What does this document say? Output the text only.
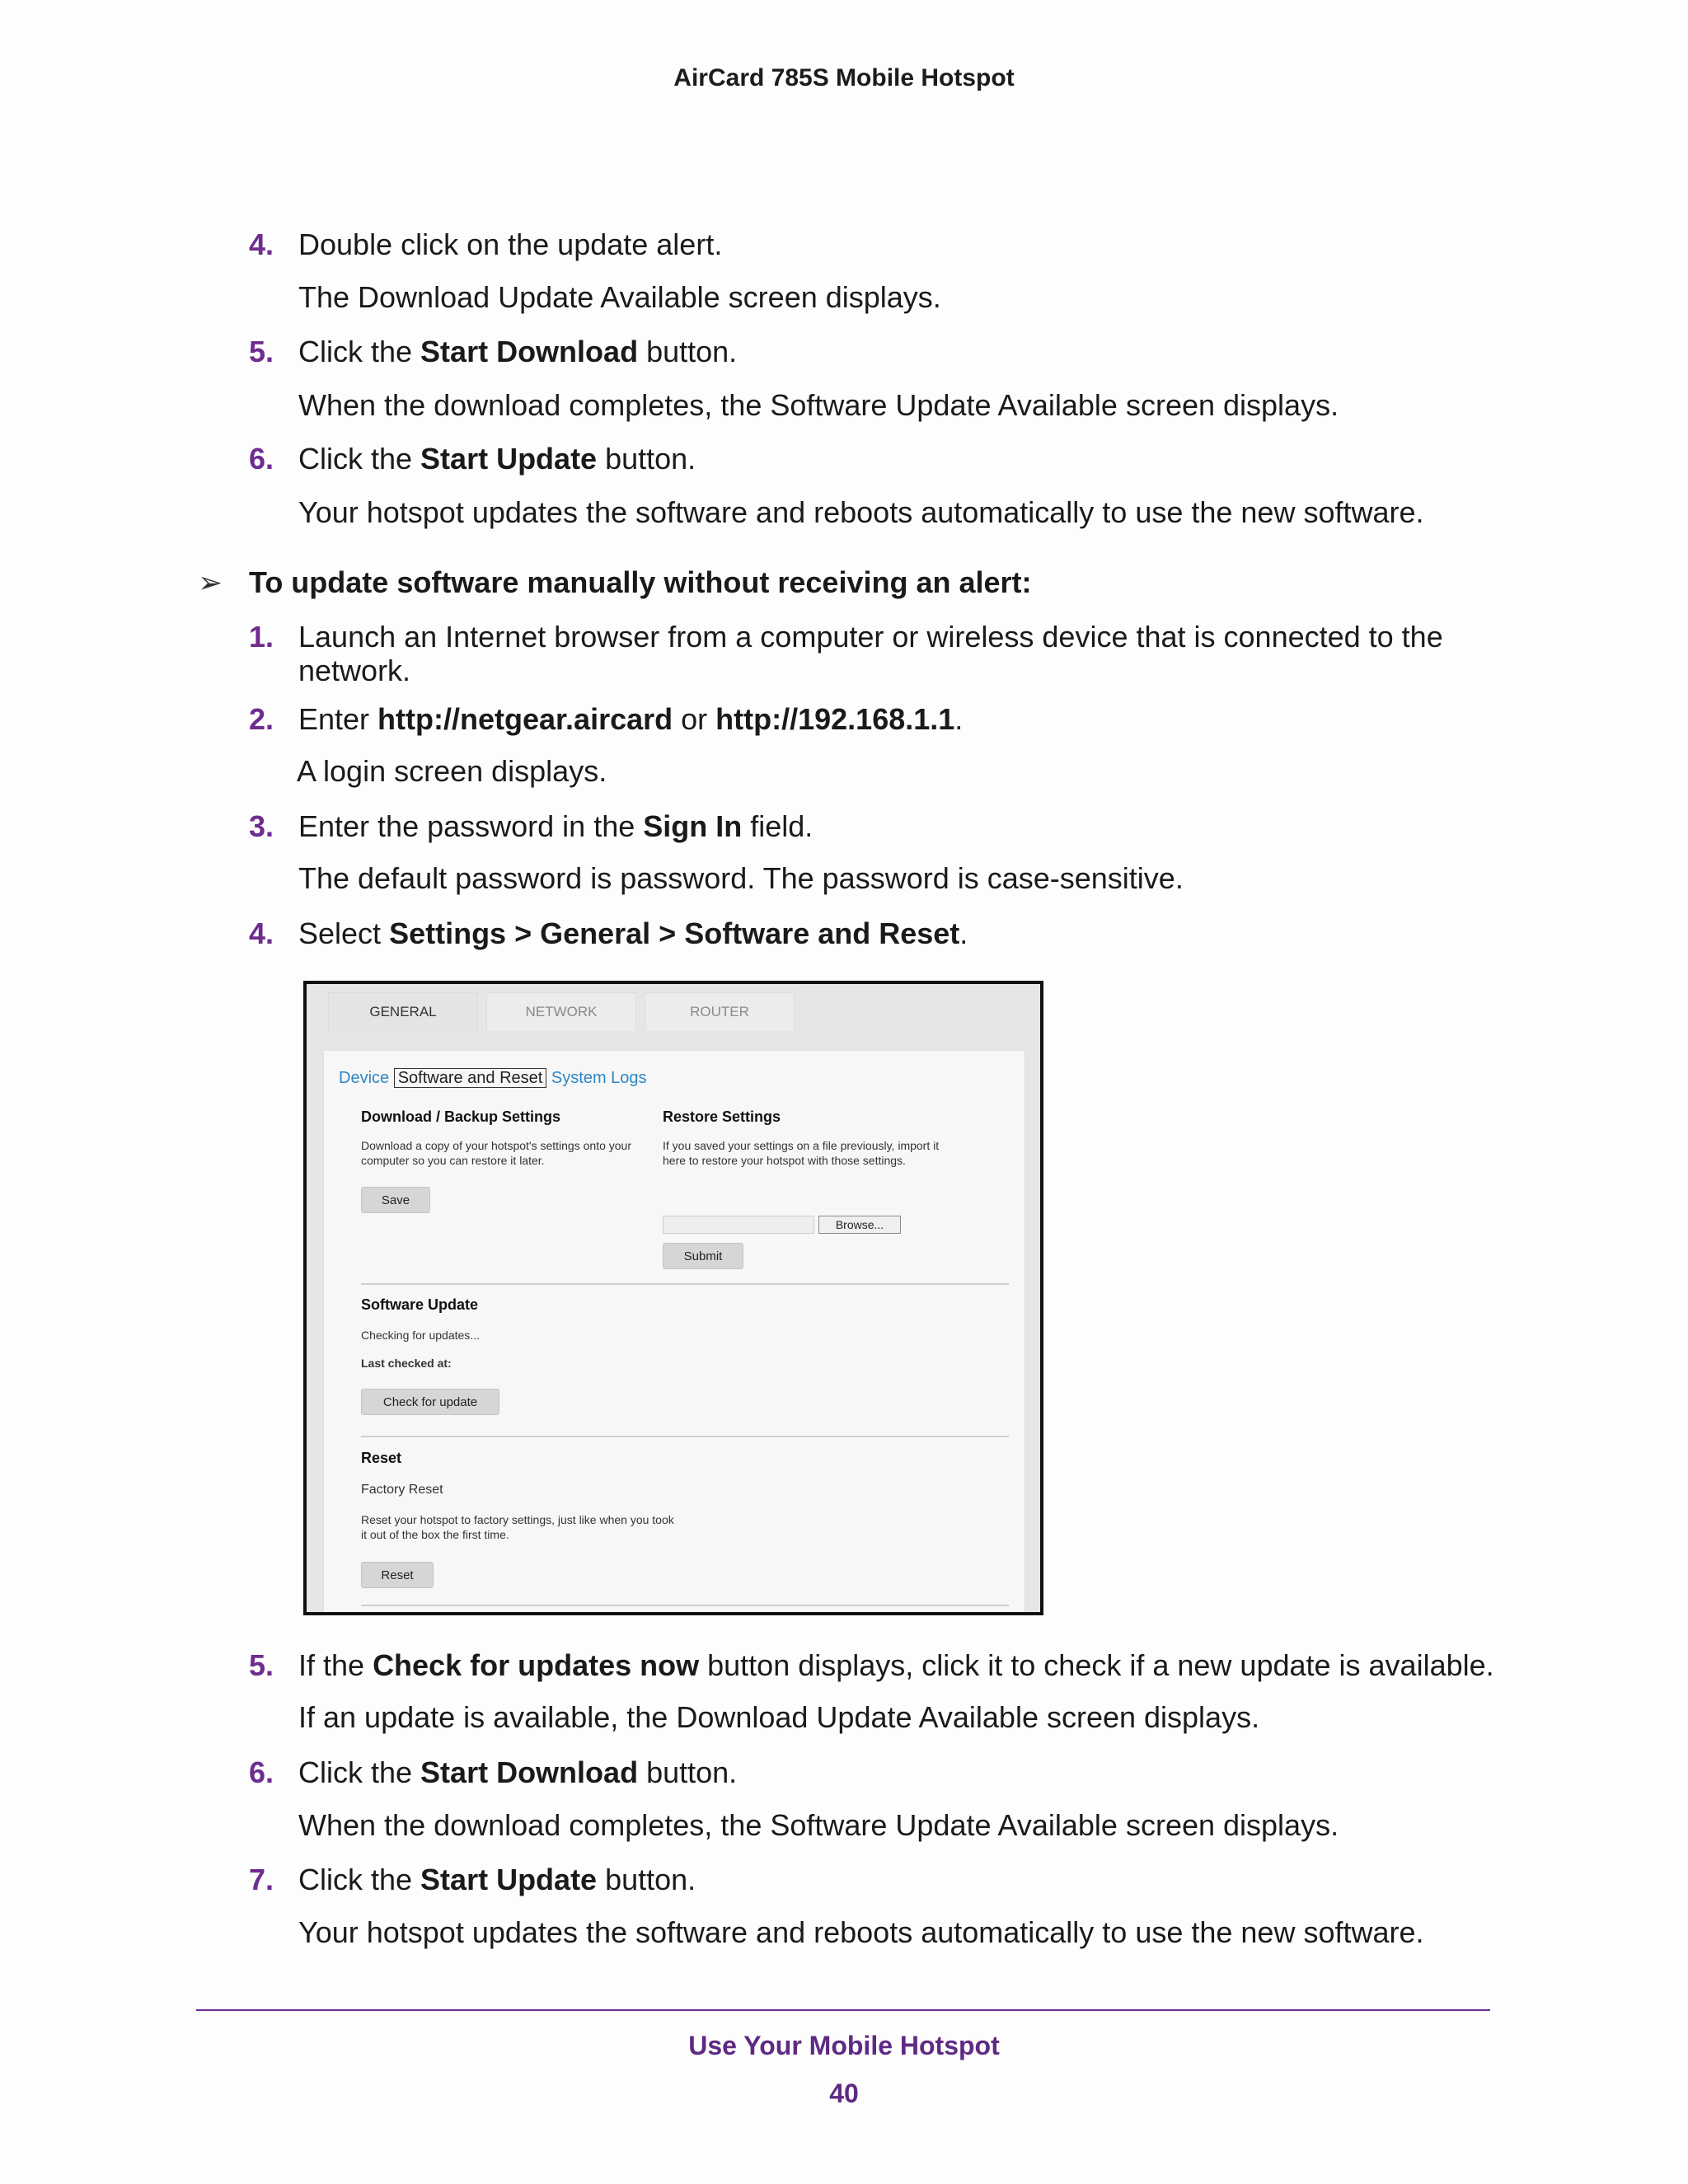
AirCard 785S Mobile Hotspot
4. Double click on the update alert.
The Download Update Available screen displays.
5. Click the Start Download button.
When the download completes, the Software Update Available screen displays.
6. Click the Start Update button.
Your hotspot updates the software and reboots automatically to use the new software.
➢ To update software manually without receiving an alert:
1. Launch an Internet browser from a computer or wireless device that is connected to the network.
2. Enter http://netgear.aircard or http://192.168.1.1.
A login screen displays.
3. Enter the password in the Sign In field.
The default password is password. The password is case-sensitive.
4. Select Settings > General > Software and Reset.
GENERAL	NETWORK	ROUTER
Device Software and Reset System Logs
Download / Backup Settings
Download a copy of your hotspot's settings onto your computer so you can restore it later.
Save
Restore Settings
If you saved your settings on a file previously, import it here to restore your hotspot with those settings.
Browse...
Submit
Software Update
Checking for updates...
Last checked at:
Check for update
Reset
Factory Reset
Reset your hotspot to factory settings, just like when you took it out of the box the first time.
Reset
5. If the Check for updates now button displays, click it to check if a new update is available.
If an update is available, the Download Update Available screen displays.
6. Click the Start Download button.
When the download completes, the Software Update Available screen displays.
7. Click the Start Update button.
Your hotspot updates the software and reboots automatically to use the new software.
Use Your Mobile Hotspot
40
